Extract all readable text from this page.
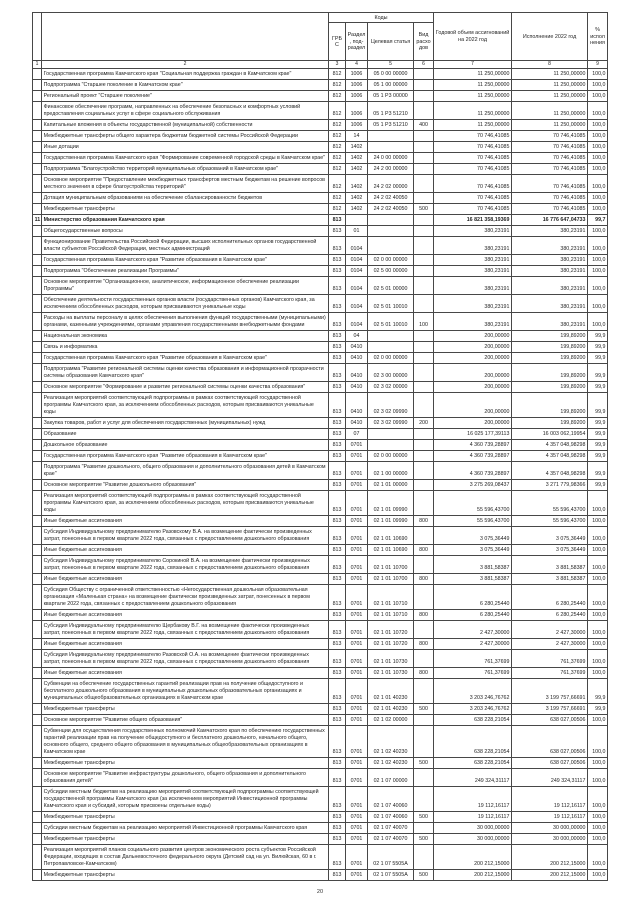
		Коды				Годовой объем ассигнований на 2022 год	Исполнение 2022 год	% исполнения
		ГРБС	Раздел, под-раздел	Целевая статья	Вид расходов			
1	2	3	4	5	6	7	8	9
	Государственная программа Камчатского края "Социальная поддержка граждан в Камчатском крае"	812	1006	05 0 00 00000		11 250,00000	11 250,00000	100,0
	Подпрограмма "Старшее поколение в Камчатском крае"	812	1006	05 1 00 00000		11 250,00000	11 250,00000	100,0
	Региональный проект "Старшее поколение"	812	1006	05 1 P3 00000		11 250,00000	11 250,00000	100,0
	Финансовое обеспечение программ, направленных на обеспечение безопасных и комфортных условий предоставления социальных услуг в сфере социального обслуживания	812	1006	05 1 P3 51210		11 250,00000	11 250,00000	100,0
	Капитальные вложения в объекты государственной (муниципальной) собственности	812	1006	05 1 P3 51210	400	11 250,00000	11 250,00000	100,0
	Межбюджетные трансферты общего характера бюджетам бюджетной системы Российской Федерации	812	14			70 746,41085	70 746,41085	100,0
	Иные дотации	812	1402			70 746,41085	70 746,41085	100,0
	Государственная программа Камчатского края "Формирование современной городской среды в Камчатском крае"	812	1402	24 0 00 00000		70 746,41085	70 746,41085	100,0
	Подпрограмма "Благоустройство территорий муниципальных образований в Камчатском крае"	812	1402	24 2 00 00000		70 746,41085	70 746,41085	100,0
	Основное мероприятие "Предоставление межбюджетных трансфертов местным бюджетам на решение вопросов местного значения в сфере благоустройства территорий"	812	1402	24 2 02 00000		70 746,41085	70 746,41085	100,0
	Дотация муниципальным образованиям на обеспечение сбалансированности бюджетов	812	1402	24 2 02 40050		70 746,41085	70 746,41085	100,0
	Межбюджетные трансферты	812	1402	24 2 02 40050	500	70 746,41085	70 746,41085	100,0
11	Министерство образования Камчатского края	813				16 821 358,19369	16 776 647,04733	99,7
	Общегосударственные вопросы	813	01			380,23191	380,23191	100,0
	Функционирование Правительства Российской Федерации, высших исполнительных органов государственной власти субъектов Российской Федерации, местных администраций	813	0104			380,23191	380,23191	100,0
	Государственная программа Камчатского края "Развитие образования в Камчатском крае"	813	0104	02 0 00 00000		380,23191	380,23191	100,0
	Подпрограмма "Обеспечение реализации Программы"	813	0104	02 5 00 00000		380,23191	380,23191	100,0
	Основное мероприятие "Организационное, аналитическое, информационное обеспечение реализации Программы"	813	0104	02 5 01 00000		380,23191	380,23191	100,0
	Обеспечение деятельности государственных органов власти (государственных органов) Камчатского края, за исключением обособленных расходов, которым присваиваются уникальные коды	813	0104	02 5 01 10010		380,23191	380,23191	100,0
	Расходы на выплаты персоналу в целях обеспечения выполнения функций государственными (муниципальными) органами, казенными учреждениями, органами управления государственными внебюджетными фондами	813	0104	02 5 01 10010	100	380,23191	380,23191	100,0
	Национальная экономика	813	04			200,00000	199,89200	99,9
	Связь и информатика	813	0410			200,00000	199,89200	99,9
	Государственная программа Камчатского края "Развитие образования в Камчатском крае"	813	0410	02 0 00 00000		200,00000	199,89200	99,9
	Подпрограмма "Развитие региональной системы оценки качества образования и информационной прозрачности системы образования Камчатского края"	813	0410	02 3 00 00000		200,00000	199,89200	99,9
	Основное мероприятие "Формирование и развитие региональной системы оценки качества образования"	813	0410	02 3 02 00000		200,00000	199,89200	99,9
	Реализация мероприятий соответствующей подпрограммы в рамках соответствующей государственной программы Камчатского края, за исключением обособленных расходов, которым присваиваются уникальные коды	813	0410	02 3 02 09990		200,00000	199,89200	99,9
	Закупка товаров, работ и услуг для обеспечения государственных (муниципальных) нужд	813	0410	02 3 02 09990	200	200,00000	199,89200	99,9
	Образование	813	07			16 025 177,39113	16 003 062,19954	99,9
	Дошкольное образование	813	0701			4 360 739,28897	4 357 048,98298	99,9
	Государственная программа Камчатского края "Развитие образования в Камчатском крае"	813	0701	02 0 00 00000		4 360 739,28897	4 357 048,98298	99,9
	Подпрограмма "Развитие дошкольного, общего образования и дополнительного образования детей в Камчатском крае"	813	0701	02 1 00 00000		4 360 739,28897	4 357 048,98298	99,9
	Основное мероприятие "Развитие дошкольного образования"	813	0701	02 1 01 00000		3 275 269,08437	3 271 779,98366	99,9
	Реализация мероприятий соответствующей подпрограммы в рамках соответствующей государственной программы Камчатского края, за исключением обособленных расходов, которым присваиваются уникальные коды	813	0701	02 1 01 09990		55 596,43700	55 596,43700	100,0
	Иные бюджетные ассигнования	813	0701	02 1 01 09990	800	55 596,43700	55 596,43700	100,0
	Субсидия Индивидуальному предпринимателю Разовскому В.А. на возмещение фактически произведенных затрат, понесенных в первом квартале 2022 года, связанных с предоставлением дошкольного образования	813	0701	02 1 01 10690		3 075,36449	3 075,36449	100,0
	Иные бюджетные ассигнования	813	0701	02 1 01 10690	800	3 075,36449	3 075,36449	100,0
	Субсидия Индивидуальному предпринимателю Сорокиной В.А. на возмещение фактически произведенных затрат, понесенных в первом квартале 2022 года, связанных с предоставлением дошкольного образования	813	0701	02 1 01 10700		3 881,58387	3 881,58387	100,0
	Иные бюджетные ассигнования	813	0701	02 1 01 10700	800	3 881,58387	3 881,58387	100,0
	Субсидия Обществу с ограниченной ответственностью «Негосударственная дошкольная образовательная организация «Маленькая страна» на возмещение фактически произведенных затрат, понесенных в первом квартале 2022 года, связанных с предоставлением дошкольного образования	813	0701	02 1 01 10710		6 280,25440	6 280,25440	100,0
	Иные бюджетные ассигнования	813	0701	02 1 01 10710	800	6 280,25440	6 280,25440	100,0
	Субсидия Индивидуальному предпринимателю Щербакову В.Г. на возмещение фактически произведенных затрат, понесенных в первом квартале 2022 года, связанных с предоставлением дошкольного образования	813	0701	02 1 01 10720		2 427,30000	2 427,30000	100,0
	Иные бюджетные ассигнования	813	0701	02 1 01 10720	800	2 427,30000	2 427,30000	100,0
	Субсидия Индивидуальному предпринимателю Разовской О.А. на возмещение фактически произведенных затрат, понесенных в первом квартале 2022 года, связанных с предоставлением дошкольного образования	813	0701	02 1 01 10730		761,37699	761,37699	100,0
	Иные бюджетные ассигнования	813	0701	02 1 01 10730	800	761,37699	761,37699	100,0
	Субвенции на обеспечение государственных гарантий реализации прав на получение общедоступного и бесплатного дошкольного образования в муниципальных дошкольных образовательных организациях и муниципальных общеобразовательных организациях в Камчатском крае	813	0701	02 1 01 40230		3 203 246,76762	3 199 757,66691	99,9
	Межбюджетные трансферты	813	0701	02 1 01 40230	500	3 203 246,76762	3 199 757,66691	99,9
	Основное мероприятие "Развитие общего образования"	813	0701	02 1 02 00000		638 228,21054	638 027,00506	100,0
	Субвенции для осуществления государственных полномочий Камчатского края по обеспечению государственных гарантий реализации прав на получение общедоступного и бесплатного дошкольного, начального общего, основного общего, среднего общего образования в муниципальных общеобразовательных организациях в Камчатском крае	813	0701	02 1 02 40230		638 228,21054	638 027,00506	100,0
	Межбюджетные трансферты	813	0701	02 1 02 40230	500	638 228,21054	638 027,00506	100,0
	Основное мероприятие "Развитие инфраструктуры дошкольного, общего образования и дополнительного образования детей"	813	0701	02 1 07 00000		249 324,31117	249 324,31117	100,0
	Субсидии местным бюджетам на реализацию мероприятий соответствующей подпрограммы соответствующей государственной программы Камчатского края (за исключением мероприятий Инвестиционной программы Камчатского края и субсидий, которым присвоены отдельные коды)	813	0701	02 1 07 40060		19 112,16117	19 112,16117	100,0
	Межбюджетные трансферты	813	0701	02 1 07 40060	500	19 112,16117	19 112,16117	100,0
	Субсидии местным бюджетам на реализацию мероприятий Инвестиционной программы Камчатского края	813	0701	02 1 07 40070		30 000,00000	30 000,00000	100,0
	Межбюджетные трансферты	813	0701	02 1 07 40070	500	30 000,00000	30 000,00000	100,0
	Реализация мероприятий планов социального развития центров экономического роста субъектов Российской Федерации, входящих в состав Дальневосточного федерального округа (Детский сад на ул. Вилюйская, 60 в г. Петропавловске-Камчатском)	813	0701	02 1 07 5505А		200 212,15000	200 212,15000	100,0
	Межбюджетные трансферты	813	0701	02 1 07 5505А	500	200 212,15000	200 212,15000	100,0
20
